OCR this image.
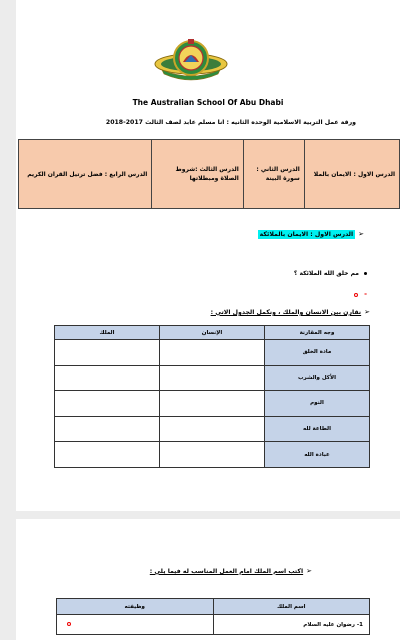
The Australian School Of Abu Dhabi
ورقة عمل التربية الاسلامية الوحده الثانيه : انا مسلم عابد لصف الثالث 2017-2018
الدرس الاول : الايمان بالملا	الدرس الثاني : سورة البينة	الدرس الثالث :شروط الصلاة ومبطلاتها	الدرس الرابع : فضل ترتيل القران الكريم
➢الدرس الاول : الايمان بالملائكة
مم خلق الله الملائكة ؟
-
➢نقارن بين الانسان والملك ، ونكمل الجدول الاتي :
وجه المقارنة	الإنسان	الملك
مادة الخلق		
الأكل والشرب		
النوم		
الطاعة لله		
عبادة الله		
➢اكتب اسم الملك امام العمل المناسب له فيما يلي :
اسم الملك	وظيفته
1- رضوان عليه السلام	
